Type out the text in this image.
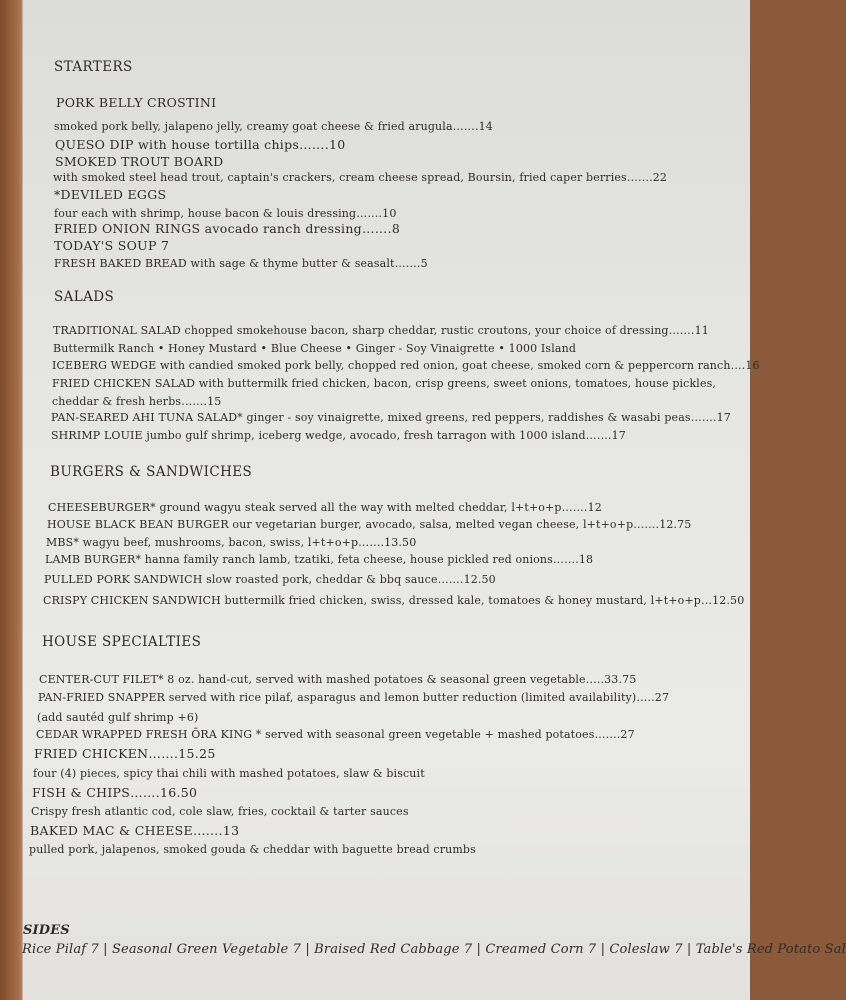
STARTERS
PORK BELLY CROSTINI
smoked pork belly, jalapeno jelly, creamy goat cheese & fried arugula…….14
QUESO DIP with house tortilla chips…….10
SMOKED TROUT BOARD
with smoked steel head trout, captain's crackers, cream cheese spread, Boursin, fried caper berries…….22
*DEVILED EGGS
four each with shrimp, house bacon & louis dressing…….10
FRIED ONION RINGS avocado ranch dressing…….8
TODAY'S SOUP 7
FRESH BAKED BREAD with sage & thyme butter & seasalt…….5
SALADS
TRADITIONAL SALAD chopped smokehouse bacon, sharp cheddar, rustic croutons, your choice of dressing…….11
Buttermilk Ranch • Honey Mustard • Blue Cheese • Ginger - Soy Vinaigrette • 1000 Island
ICEBERG WEDGE with candied smoked pork belly, chopped red onion, goat cheese, smoked corn & peppercorn ranch….16
FRIED CHICKEN SALAD with buttermilk fried chicken, bacon, crisp greens, sweet onions, tomatoes, house pickles,
cheddar & fresh herbs…….15
PAN-SEARED AHI TUNA SALAD* ginger - soy vinaigrette, mixed greens, red peppers, raddishes & wasabi peas…….17
SHRIMP LOUIE jumbo gulf shrimp, iceberg wedge, avocado, fresh tarragon with 1000 island…….17
BURGERS & SANDWICHES
CHEESEBURGER* ground wagyu steak served all the way with melted cheddar, l+t+o+p…….12
HOUSE BLACK BEAN BURGER our vegetarian burger, avocado, salsa, melted vegan cheese, l+t+o+p…….12.75
MBS* wagyu beef, mushrooms, bacon, swiss, l+t+o+p…….13.50
LAMB BURGER* hanna family ranch lamb, tzatiki, feta cheese, house pickled red onions…….18
PULLED PORK SANDWICH slow roasted pork, cheddar & bbq sauce…….12.50
CRISPY CHICKEN SANDWICH buttermilk fried chicken, swiss, dressed kale, tomatoes & honey mustard, l+t+o+p…12.50
HOUSE SPECIALTIES
CENTER-CUT FILET* 8 oz. hand-cut, served with mashed potatoes & seasonal green vegetable…..33.75
PAN-FRIED SNAPPER served with rice pilaf, asparagus and lemon butter reduction (limited availability)…..27
(add sautéd gulf shrimp +6)
CEDAR WRAPPED FRESH ŌRA KING * served with seasonal green vegetable + mashed potatoes…….27
FRIED CHICKEN…….15.25
four (4) pieces, spicy thai chili with mashed potatoes, slaw & biscuit
FISH & CHIPS…….16.50
Crispy fresh atlantic cod, cole slaw, fries, cocktail & tarter sauces
BAKED MAC & CHEESE…….13
pulled pork, jalapenos, smoked gouda & cheddar with baguette bread crumbs
SIDES
Rice Pilaf 7 | Seasonal Green Vegetable 7 | Braised Red Cabbage 7 | Creamed Corn 7 | Coleslaw 7 | Table's Red Potato Sal
